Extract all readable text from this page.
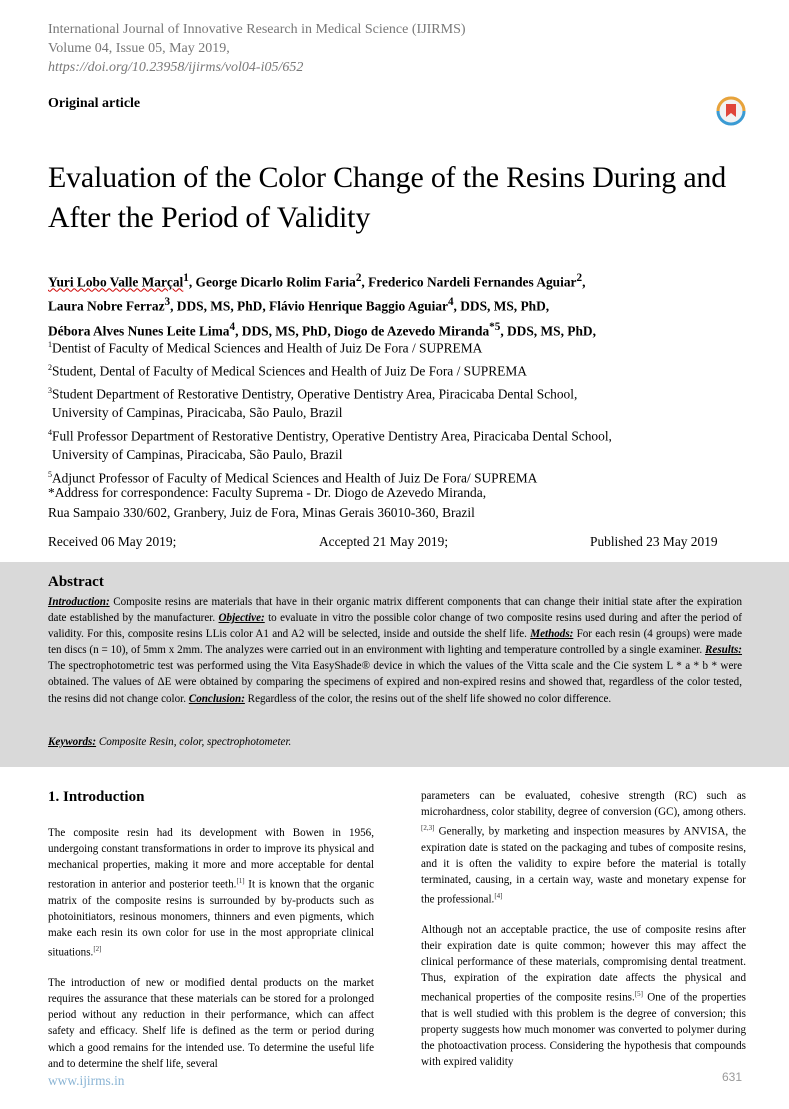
International Journal of Innovative Research in Medical Science (IJIRMS)
Volume 04, Issue 05, May 2019,
https://doi.org/10.23958/ijirms/vol04-i05/652
Original article
Evaluation of the Color Change of the Resins During and After the Period of Validity
Yuri Lobo Valle Marçal$^1$, George Dicarlo Rolim Faria$^2$, Frederico Nardeli Fernandes Aguiar$^2$,
Laura Nobre Ferraz$^3$, DDS, MS, PhD, Flávio Henrique Baggio Aguiar$^4$, DDS, MS, PhD,
Débora Alves Nunes Leite Lima$^4$, DDS, MS, PhD, Diogo de Azevedo Miranda$^{*5}$, DDS, MS, PhD,
$^1$Dentist of Faculty of Medical Sciences and Health of Juiz De Fora / SUPREMA
$^2$Student, Dental of Faculty of Medical Sciences and Health of Juiz De Fora / SUPREMA
$^3$Student Department of Restorative Dentistry, Operative Dentistry Area, Piracicaba Dental School,
University of Campinas, Piracicaba, São Paulo, Brazil
$^4$Full Professor Department of Restorative Dentistry, Operative Dentistry Area, Piracicaba Dental School,
University of Campinas, Piracicaba, São Paulo, Brazil
$^5$Adjunct Professor of Faculty of Medical Sciences and Health of Juiz De Fora/ SUPREMA
*Address for correspondence: Faculty Suprema - Dr. Diogo de Azevedo Miranda,
Rua Sampaio 330/602, Granbery, Juiz de Fora, Minas Gerais 36010-360, Brazil
Received 06 May 2019;	Accepted 21 May 2019;	Published 23 May 2019
Abstract
Introduction: Composite resins are materials that have in their organic matrix different components that can change their initial state after the expiration date established by the manufacturer. Objective: to evaluate in vitro the possible color change of two composite resins used during and after the period of validity. For this, composite resins LLis color A1 and A2 will be selected, inside and outside the shelf life. Methods: For each resin (4 groups) were made ten discs (n = 10), of 5mm x 2mm. The analyzes were carried out in an environment with lighting and temperature controlled by a single examiner. Results: The spectrophotometric test was performed using the Vita EasyShade® device in which the values of the Vitta scale and the Cie system L * a * b * were obtained. The values of ΔE were obtained by comparing the specimens of expired and non-expired resins and showed that, regardless of the color tested, the resins did not change color. Conclusion: Regardless of the color, the resins out of the shelf life showed no color difference.
Keywords: Composite Resin, color, spectrophotometer.
1. Introduction

The composite resin had its development with Bowen in 1956, undergoing constant transformations in order to improve its physical and mechanical properties, making it more and more acceptable for dental restoration in anterior and posterior teeth.[1] It is known that the organic matrix of the composite resins is surrounded by by-products such as photoinitiators, resinous monomers, thinners and even pigments, which make each resin its own color for use in the most appropriate clinical situations.[2]

The introduction of new or modified dental products on the market requires the assurance that these materials can be stored for a prolonged period without any reduction in their performance, which can affect safety and efficacy. Shelf life is defined as the term or period during which a good remains for the intended use. To determine the useful life and to determine the shelf life, several

parameters can be evaluated, cohesive strength (RC) such as microhardness, color stability, degree of conversion (GC), among others.[2,3] Generally, by marketing and inspection measures by ANVISA, the expiration date is stated on the packaging and tubes of composite resins, and it is often the validity to expire before the material is totally terminated, causing, in a certain way, waste and monetary expense for the professional.[4]

Although not an acceptable practice, the use of composite resins after their expiration date is quite common; however this may affect the clinical performance of these materials, compromising dental treatment. Thus, expiration of the expiration date affects the physical and mechanical properties of the composite resins.[5] One of the properties that is well studied with this problem is the degree of conversion; this property suggests how much monomer was converted to polymer during the photoactivation process. Considering the hypothesis that compounds with expired validity

www.ijirms.in	631
